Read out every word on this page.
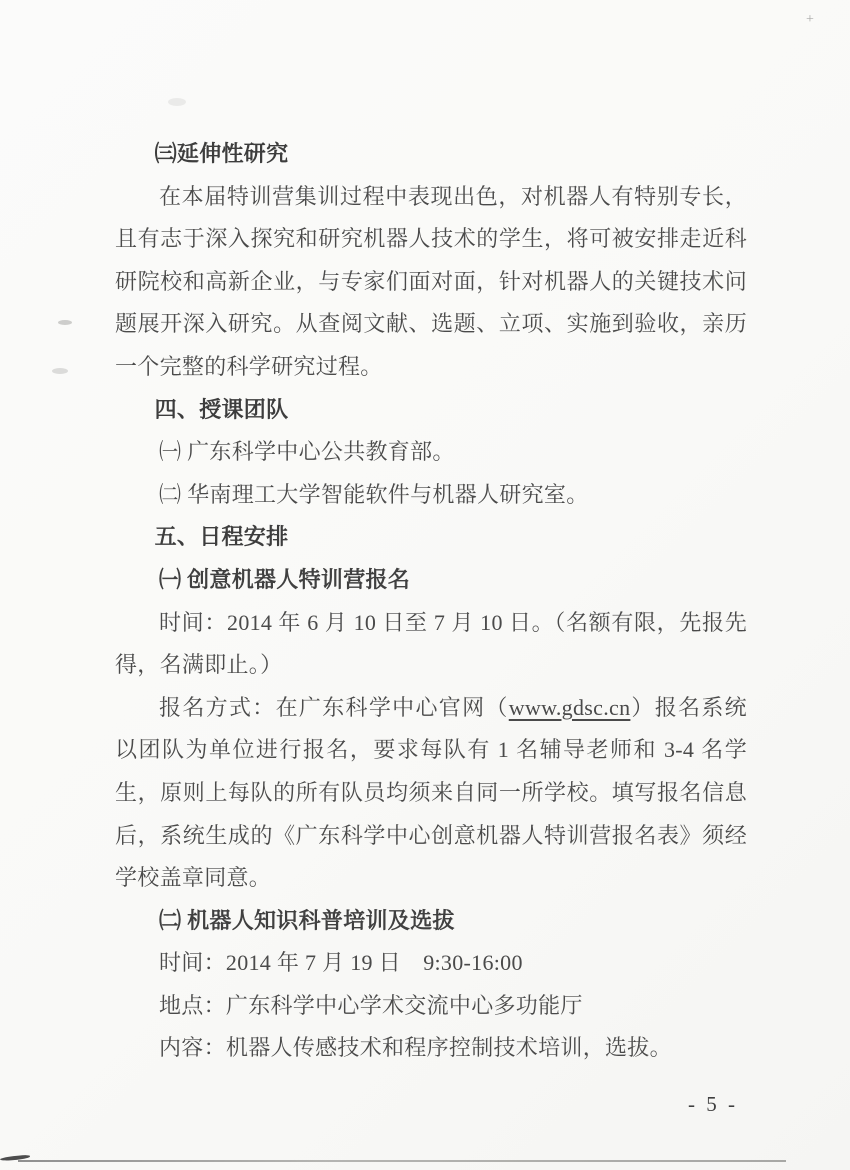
㈢延伸性研究

在本届特训营集训过程中表现出色，对机器人有特别专长，且有志于深入探究和研究机器人技术的学生，将可被安排走近科研院校和高新企业，与专家们面对面，针对机器人的关键技术问题展开深入研究。从查阅文献、选题、立项、实施到验收，亲历一个完整的科学研究过程。

四、授课团队

㈠ 广东科学中心公共教育部。

㈡ 华南理工大学智能软件与机器人研究室。

五、日程安排

㈠ 创意机器人特训营报名

时间：2014 年 6 月 10 日至 7 月 10 日。（名额有限，先报先得，名满即止。）

报名方式：在广东科学中心官网（www.gdsc.cn）报名系统以团队为单位进行报名，要求每队有 1 名辅导老师和 3-4 名学生，原则上每队的所有队员均须来自同一所学校。填写报名信息后，系统生成的《广东科学中心创意机器人特训营报名表》须经学校盖章同意。

㈡ 机器人知识科普培训及选拔

时间：2014 年 7 月 19 日　9:30-16:00

地点：广东科学中心学术交流中心多功能厅

内容：机器人传感技术和程序控制技术培训，选拔。

- 5 -
+
